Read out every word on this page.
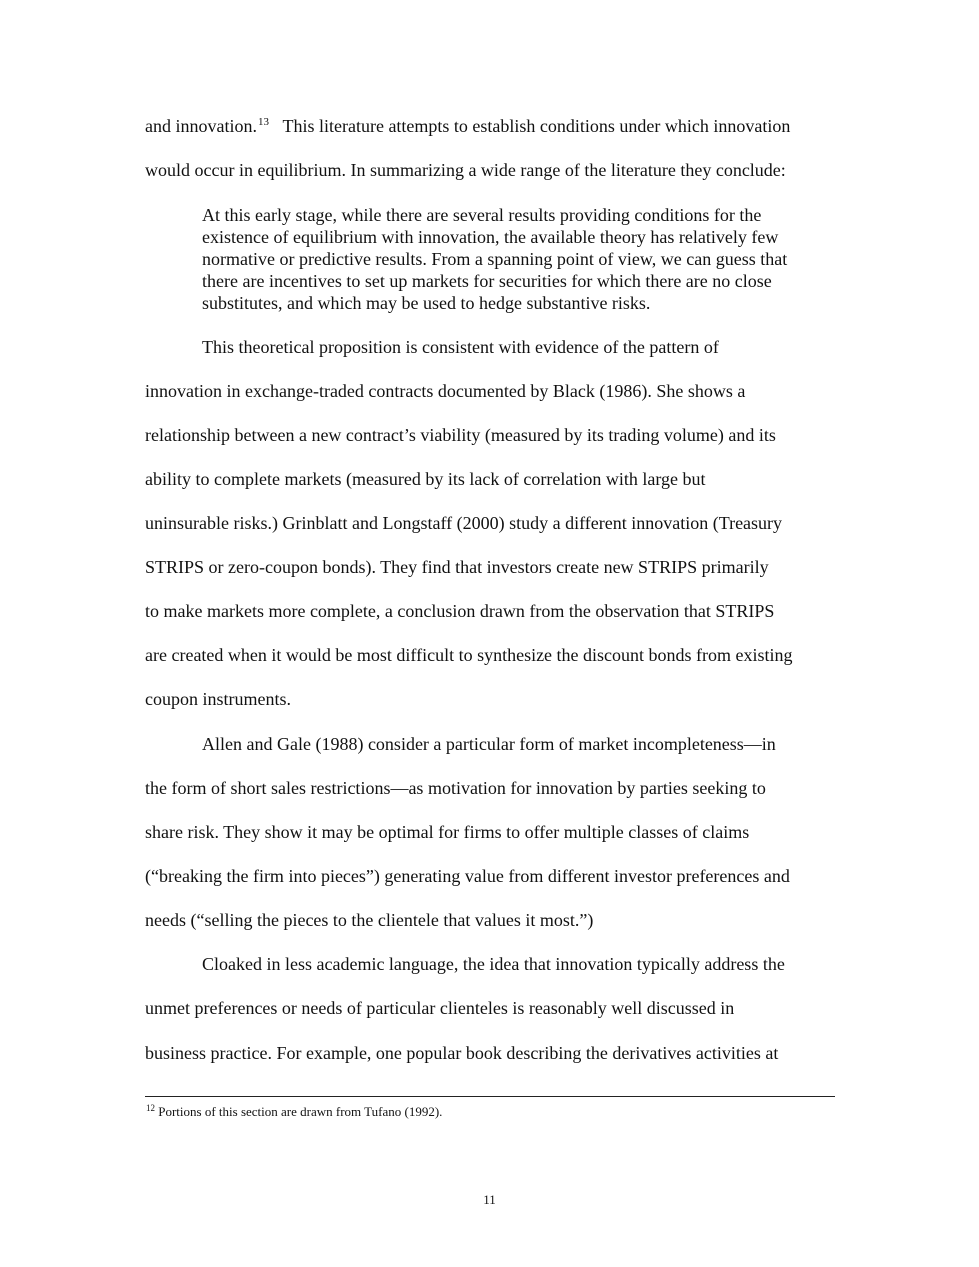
and innovation.$^{13}$ This literature attempts to establish conditions under which innovation
would occur in equilibrium. In summarizing a wide range of the literature they conclude:
At this early stage, while there are several results providing conditions for the
existence of equilibrium with innovation, the available theory has relatively few
normative or predictive results. From a spanning point of view, we can guess that
there are incentives to set up markets for securities for which there are no close
substitutes, and which may be used to hedge substantive risks.
This theoretical proposition is consistent with evidence of the pattern of
innovation in exchange-traded contracts documented by Black (1986). She shows a
relationship between a new contract’s viability (measured by its trading volume) and its
ability to complete markets (measured by its lack of correlation with large but
uninsurable risks.) Grinblatt and Longstaff (2000) study a different innovation (Treasury
STRIPS or zero-coupon bonds). They find that investors create new STRIPS primarily
to make markets more complete, a conclusion drawn from the observation that STRIPS
are created when it would be most difficult to synthesize the discount bonds from existing
coupon instruments.
Allen and Gale (1988) consider a particular form of market incompleteness—in
the form of short sales restrictions—as motivation for innovation by parties seeking to
share risk. They show it may be optimal for firms to offer multiple classes of claims
(“breaking the firm into pieces”) generating value from different investor preferences and
needs (“selling the pieces to the clientele that values it most.”)
Cloaked in less academic language, the idea that innovation typically address the
unmet preferences or needs of particular clienteles is reasonably well discussed in
business practice. For example, one popular book describing the derivatives activities at
$^{12}$ Portions of this section are drawn from Tufano (1992).
11
